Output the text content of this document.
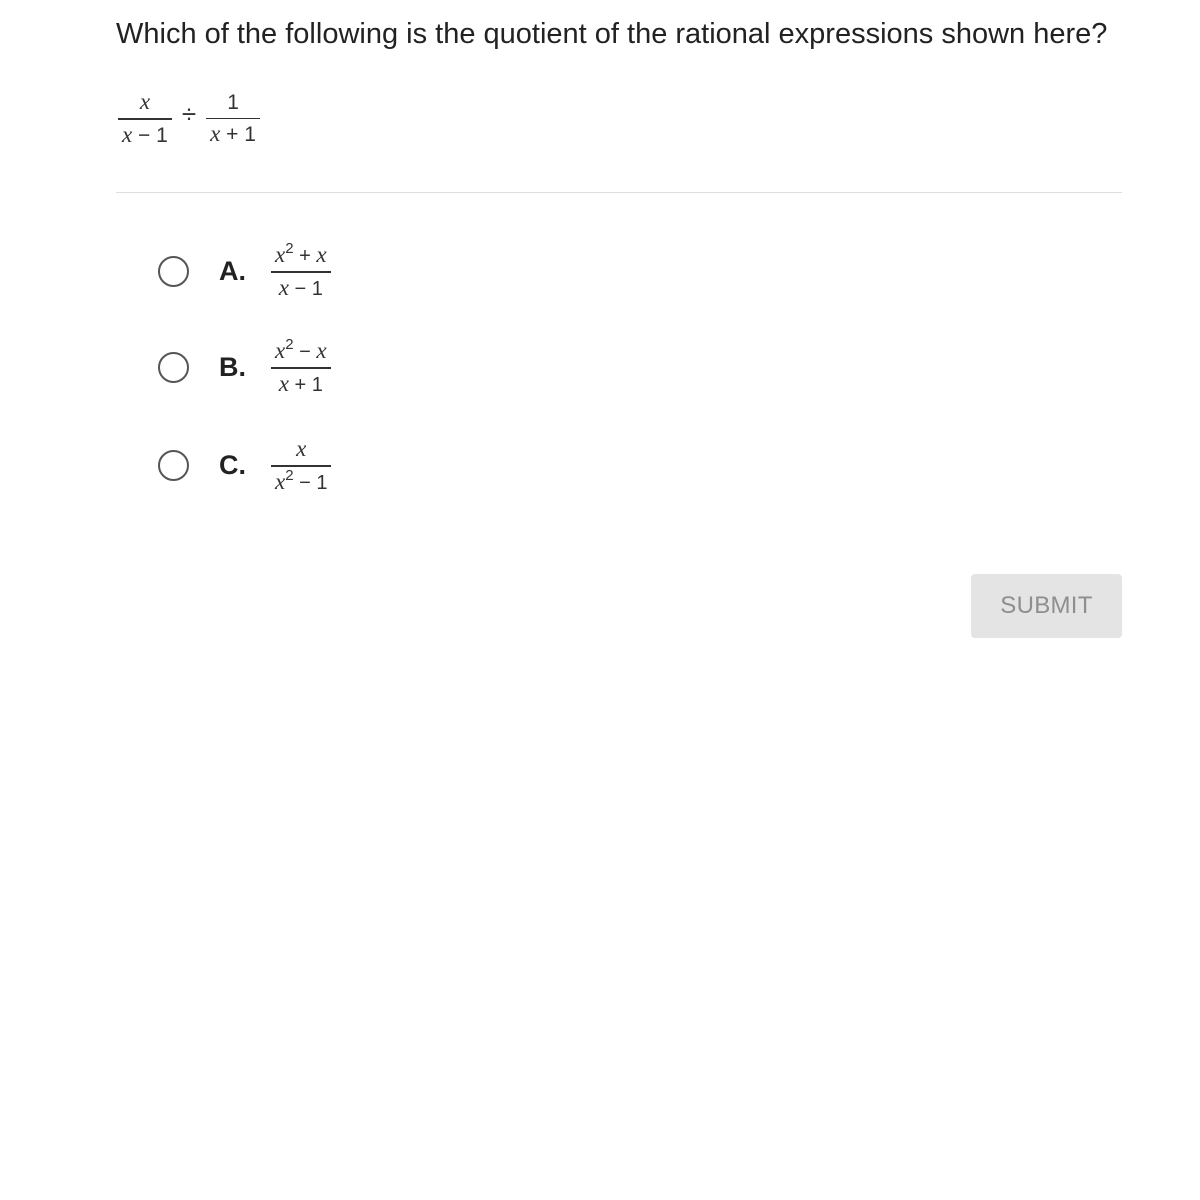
Which of the following is the quotient of the rational expressions shown here?
$\frac{x}{x - 1} \div \frac{1}{x + 1}$
A. $\frac{x^2 + x}{x - 1}$
B. $\frac{x^2 - x}{x + 1}$
C. $\frac{x}{x^2 - 1}$
SUBMIT
